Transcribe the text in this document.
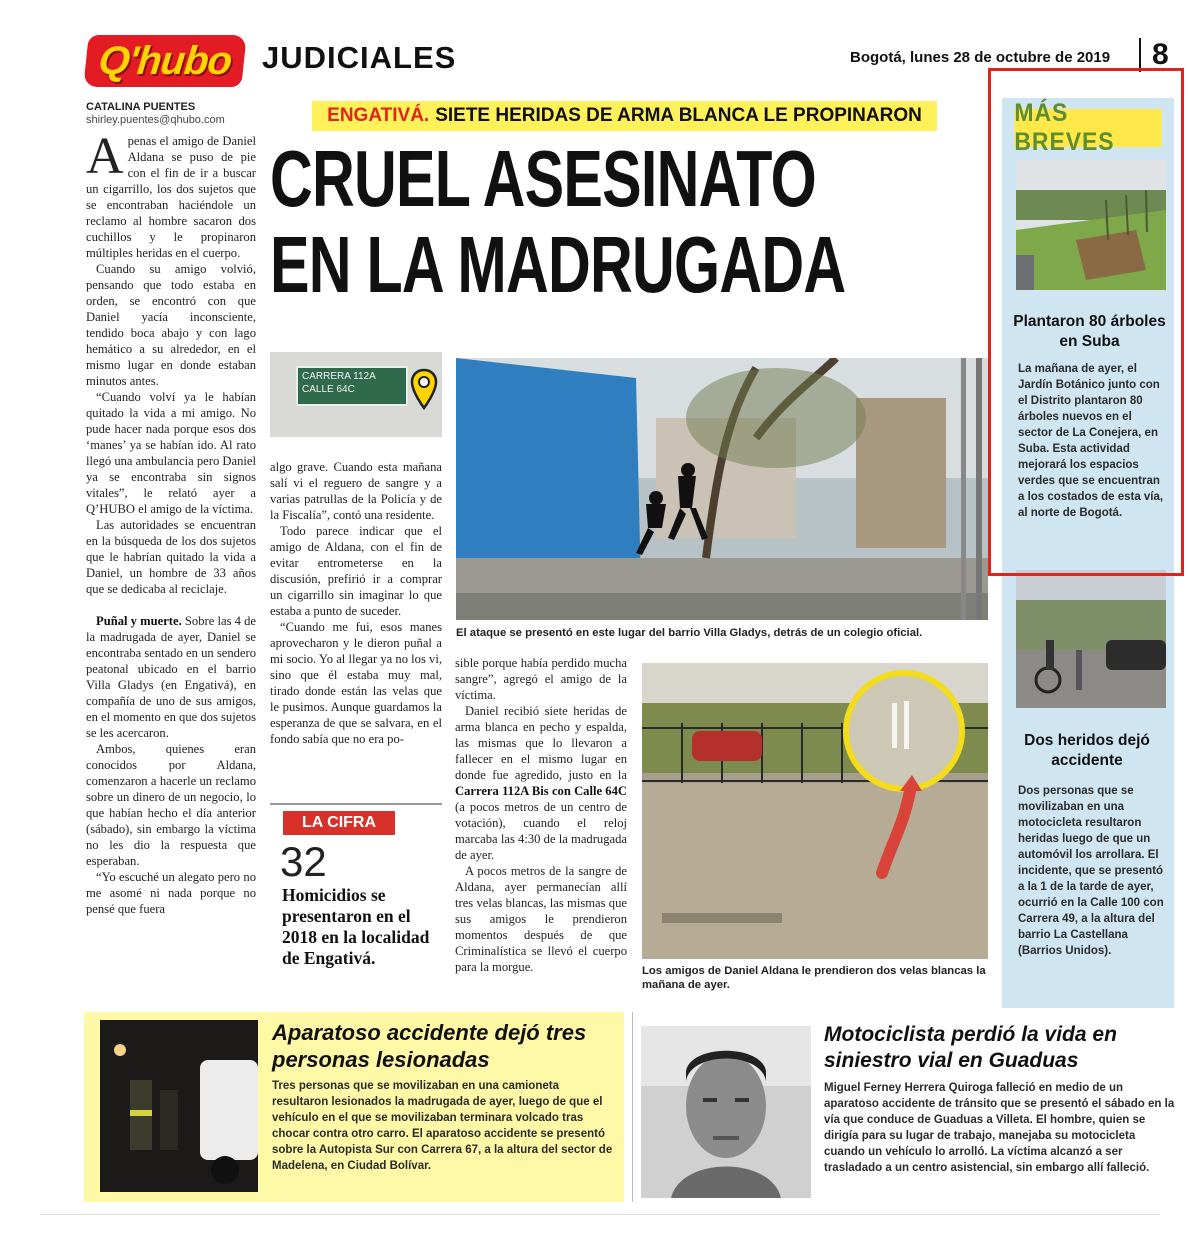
Q'hubo JUDICIALES	Bogotá, lunes 28 de octubre de 2019 8
CATALINA PUENTES
shirley.puentes@qhubo.com	ENGATIVÁ. SIETE HERIDAS DE ARMA BLANCA LE PROPINARON
CRUEL ASESINATO
EN LA MADRUGADA

Apenas el amigo de Daniel Aldana se puso de pie con el fin de ir a buscar un cigarrillo, los dos sujetos que se encontraban haciéndole un reclamo al hombre sacaron dos cuchillos y le propinaron múltiples heridas en el cuerpo.

Cuando su amigo volvió, pensando que todo estaba en orden, se encontró con que Daniel yacía inconsciente, tendido boca abajo y con lago hemático a su alrededor, en el mismo lugar en donde estaban minutos antes.

“Cuando volví ya le habían quitado la vida a mi amigo. No pude hacer nada porque esos dos ‘manes’ ya se habían ido. Al rato llegó una ambulancia pero Daniel ya se encontraba sin signos vitales”, le relató ayer a Q’HUBO el amigo de la víctima.

Las autoridades se encuentran en la búsqueda de los dos sujetos que le habrían quitado la vida a Daniel, un hombre de 33 años que se dedicaba al reciclaje.

Puñal y muerte. Sobre las 4 de la madrugada de ayer, Daniel se encontraba sentado en un sendero peatonal ubicado en el barrio Villa Gladys (en Engativá), en compañía de uno de sus amigos, en el momento en que dos sujetos se les acercaron.

Ambos, quienes eran conocidos por Aldana, comenzaron a hacerle un reclamo sobre un dinero de un negocio, lo que habían hecho el día anterior (sábado), sin embargo la víctima no les dio la respuesta que esperaban.

“Yo escuché un alegato pero no me asomé ni nada porque no pensé que fuera

CARRERA 112A
CALLE 64C

algo grave. Cuando esta mañana salí vi el reguero de sangre y a varias patrullas de la Policía y de la Fiscalía”, contó una residente.

Todo parece indicar que el amigo de Aldana, con el fin de evitar entrometerse en la discusión, prefirió ir a comprar un cigarrillo sin imaginar lo que estaba a punto de suceder.

“Cuando me fui, esos manes aprovecharon y le dieron puñal a mi socio. Yo al llegar ya no los vi, sino que él estaba muy mal, tirado donde están las velas que le pusimos. Aunque guardamos la esperanza de que se salvara, en el fondo sabía que no era po-

LA CIFRA
32
Homicidios se presentaron en el 2018 en la localidad de Engativá.
El ataque se presentó en este lugar del barrio Villa Gladys, detrás de un colegio oficial.

sible porque había perdido mucha sangre”, agregó el amigo de la víctima.

Daniel recibió siete heridas de arma blanca en pecho y espalda, las mismas que lo llevaron a fallecer en el mismo lugar en donde fue agredido, justo en la Carrera 112A Bis con Calle 64C (a pocos metros de un centro de votación), cuando el reloj marcaba las 4:30 de la madrugada de ayer.

A pocos metros de la sangre de Aldana, ayer permanecían allí tres velas blancas, las mismas que sus amigos le prendieron momentos después de que Criminalística se llevó el cuerpo para la morgue.	Los amigos de Daniel Aldana le prendieron dos velas blancas la mañana de ayer.
MÁS BREVES
Plantaron 80 árboles en Suba
La mañana de ayer, el Jardín Botánico junto con el Distrito plantaron 80 árboles nuevos en el sector de La Conejera, en Suba. Esta actividad mejorará los espacios verdes que se encuentran a los costados de esta vía, al norte de Bogotá.
Dos heridos dejó accidente
Dos personas que se movilizaban en una motocicleta resultaron heridas luego de que un automóvil los arrollara. El incidente, que se presentó a la 1 de la tarde de ayer, ocurrió en la Calle 100 con Carrera 49, a la altura del barrio La Castellana (Barrios Unidos).
Aparatoso accidente dejó tres personas lesionadas
Tres personas que se movilizaban en una camioneta resultaron lesionados la madrugada de ayer, luego de que el vehículo en el que se movilizaban terminara volcado tras chocar contra otro carro. El aparatoso accidente se presentó sobre la Autopista Sur con Carrera 67, a la altura del sector de Madelena, en Ciudad Bolívar.
Motociclista perdió la vida en siniestro vial en Guaduas
Miguel Ferney Herrera Quiroga falleció en medio de un aparatoso accidente de tránsito que se presentó el sábado en la vía que conduce de Guaduas a Villeta. El hombre, quien se dirigía para su lugar de trabajo, manejaba su motocicleta cuando un vehículo lo arrolló. La víctima alcanzó a ser trasladado a un centro asistencial, sin embargo allí falleció.
